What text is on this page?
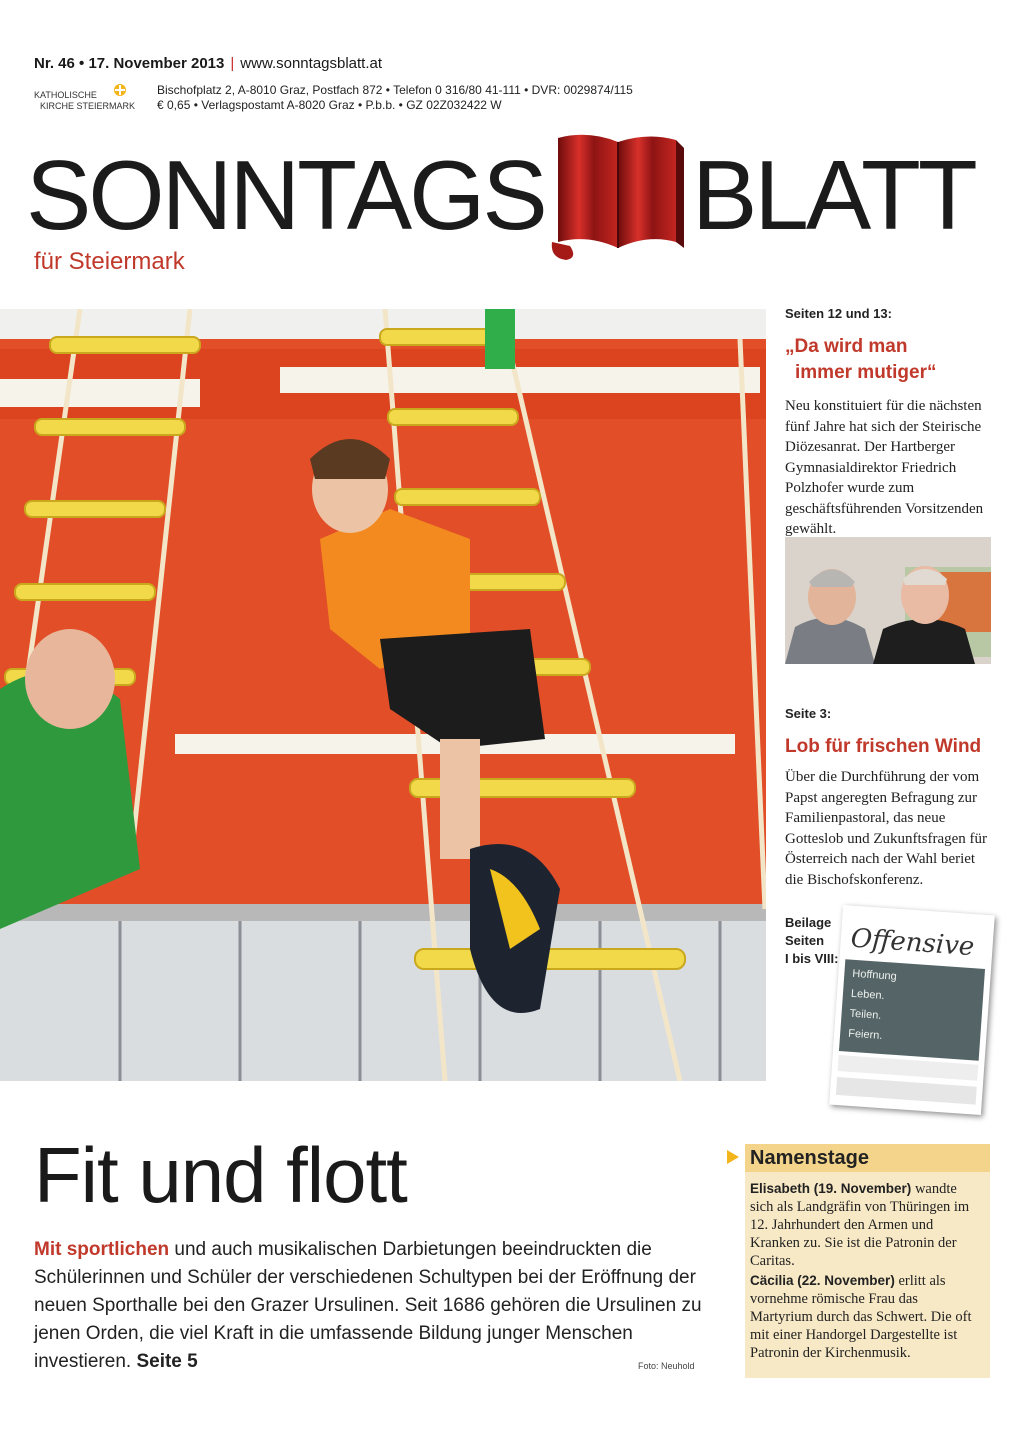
Nr. 46 • 17. November 2013 | www.sonntagsblatt.at
KATHOLISCHE
KIRCHE STEIERMARK
Bischofplatz 2, A-8010 Graz, Postfach 872 • Telefon 0 316/80 41-111 • DVR: 0029874/115
€ 0,65 • Verlagspostamt A-8020 Graz • P.b.b. • GZ 02Z032422 W
SONNTAGS BLATT
für Steiermark
Seiten 12 und 13:
„Da wird man
immer mutiger“
Neu konstituiert für die nächsten fünf Jahre hat sich der Steirische Diözesanrat. Der Hartberger Gymnasialdirektor Friedrich Polzhofer wurde zum geschäftsführenden Vorsitzenden gewählt.
Seite 3:
Lob für frischen Wind
Über die Durchführung der vom Papst angeregten Befragung zur Familienpastoral, das neue Gotteslob und Zukunftsfragen für Österreich nach der Wahl beriet die Bischofskonferenz.
Beilage
Seiten
I bis VIII: Offensive
Hoffnung
Leben.
Teilen.
Feiern.
Fit und flott
Mit sportlichen und auch musikalischen Darbietungen beeindruckten die Schülerinnen und Schüler der verschiedenen Schultypen bei der Eröffnung der neuen Sporthalle bei den Grazer Ursulinen. Seit 1686 gehören die Ursulinen zu jenen Orden, die viel Kraft in die umfassende Bildung junger Menschen investieren. Seite 5	Foto: Neuhold
Namenstage

Elisabeth (19. November) wandte sich als Landgräfin von Thüringen im 12. Jahrhundert den Armen und Kranken zu. Sie ist die Patronin der Caritas.

Cäcilia (22. November) erlitt als vornehme römische Frau das Martyrium durch das Schwert. Die oft mit einer Handorgel Dargestellte ist Patronin der Kirchenmusik.
